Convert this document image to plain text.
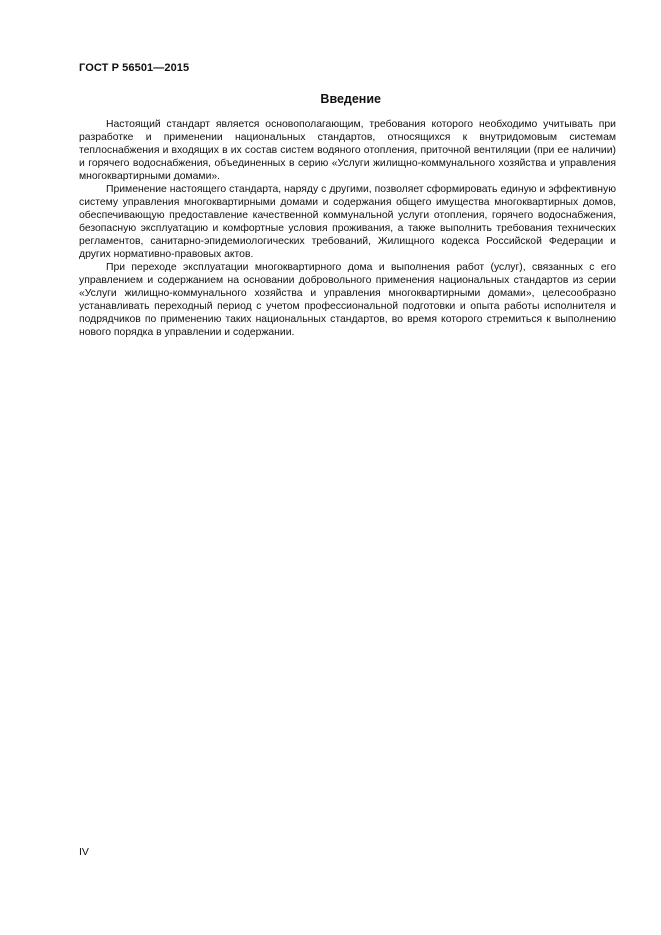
ГОСТ Р 56501—2015
Введение

Настоящий стандарт является основополагающим, требования которого необходимо учитывать при разработке и применении национальных стандартов, относящихся к внутридомовым системам теплоснабжения и входящих в их состав систем водяного отопления, приточной вентиляции (при ее наличии) и горячего водоснабжения, объединенных в серию «Услуги жилищно-коммунального хозяйства и управления многоквартирными домами».

Применение настоящего стандарта, наряду с другими, позволяет сформировать единую и эффективную систему управления многоквартирными домами и содержания общего имущества многоквартирных домов, обеспечивающую предоставление качественной коммунальной услуги отопления, горячего водоснабжения, безопасную эксплуатацию и комфортные условия проживания, а также выполнить требования технических регламентов, санитарно-эпидемиологических требований, Жилищного кодекса Российской Федерации и других нормативно-правовых актов.

При переходе эксплуатации многоквартирного дома и выполнения работ (услуг), связанных с его управлением и содержанием на основании добровольного применения национальных стандартов из серии «Услуги жилищно-коммунального хозяйства и управления многоквартирными домами», целесообразно устанавливать переходный период с учетом профессиональной подготовки и опыта работы исполнителя и подрядчиков по применению таких национальных стандартов, во время которого стремиться к выполнению нового порядка в управлении и содержании.

IV
